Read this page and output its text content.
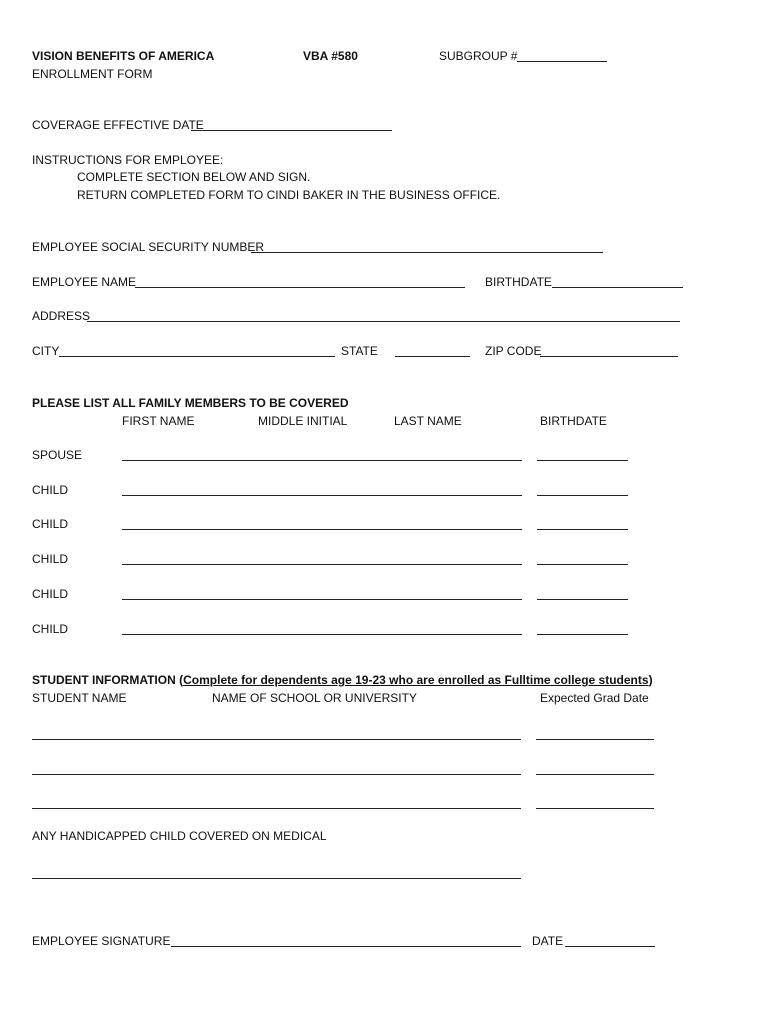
VISION BENEFITS OF AMERICA
ENROLLMENT FORM
VBA #580	SUBGROUP #
COVERAGE EFFECTIVE DATE
INSTRUCTIONS FOR EMPLOYEE:
COMPLETE SECTION BELOW AND SIGN.
RETURN COMPLETED FORM TO CINDI BAKER IN THE BUSINESS OFFICE.
EMPLOYEE SOCIAL SECURITY NUMBER
EMPLOYEE NAME	BIRTHDATE
ADDRESS
CITY	STATE	ZIP CODE
PLEASE LIST ALL FAMILY MEMBERS TO BE COVERED
FIRST NAME	MIDDLE INITIAL	LAST NAME	BIRTHDATE
SPOUSE
CHILD
CHILD
CHILD
CHILD
CHILD
STUDENT INFORMATION (Complete for dependents age 19-23 who are enrolled as Fulltime college students)
STUDENT NAME	NAME OF SCHOOL OR UNIVERSITY	Expected Grad Date
ANY HANDICAPPED CHILD COVERED ON MEDICAL
EMPLOYEE SIGNATURE	DATE
